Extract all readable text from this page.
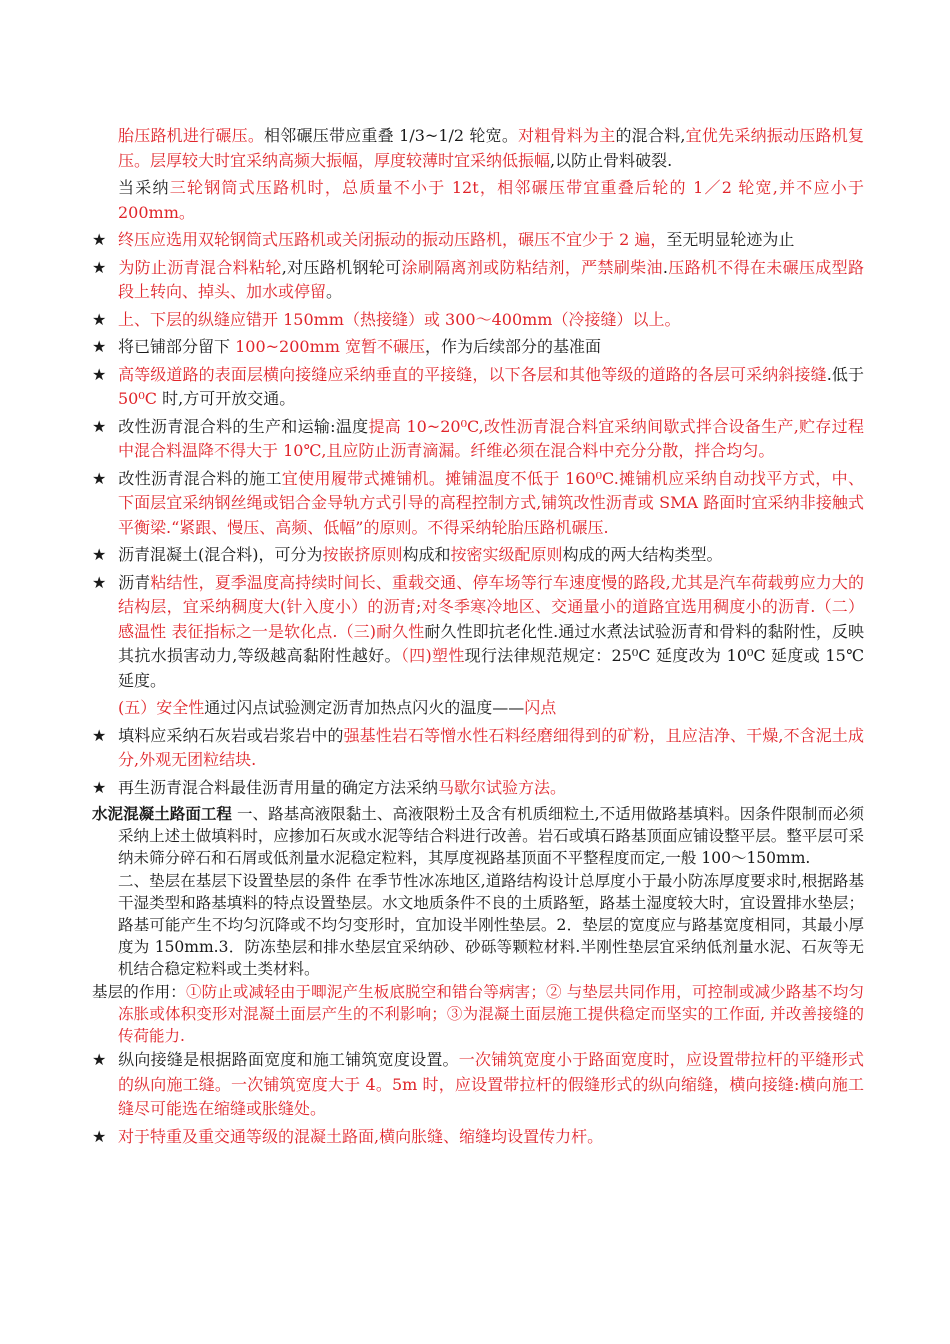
胎压路机进行碾压。相邻碾压带应重叠 1/3~1/2 轮宽。对粗骨料为主的混合料,宜优先采纳振动压路机复压。层厚较大时宜采纳高频大振幅，厚度较薄时宜采纳低振幅,以防止骨料破裂.

当采纳三轮钢筒式压路机时，总质量不小于 12t，相邻碾压带宜重叠后轮的 1／2 轮宽,并不应小于 200mm。

★ 终压应选用双轮钢筒式压路机或关闭振动的振动压路机，碾压不宜少于 2 遍，至无明显轮迹为止

★ 为防止沥青混合料粘轮,对压路机钢轮可涂刷隔离剂或防粘结剂，严禁刷柴油.压路机不得在未碾压成型路段上转向、掉头、加水或停留。

★ 上、下层的纵缝应错开 150mm（热接缝）或 300～400mm（冷接缝）以上。

★ 将已铺部分留下 100~200mm 宽暂不碾压，作为后续部分的基准面

★ 高等级道路的表面层横向接缝应采纳垂直的平接缝，以下各层和其他等级的道路的各层可采纳斜接缝.低于 50⁰C 时,方可开放交通。

★ 改性沥青混合料的生产和运输:温度提高 10~20⁰C,改性沥青混合料宜采纳间歇式拌合设备生产,贮存过程中混合料温降不得大于 10℃,且应防止沥青滴漏。纤维必须在混合料中充分分散，拌合均匀。

★ 改性沥青混合料的施工宜使用履带式摊铺机。摊铺温度不低于 160⁰C.摊铺机应采纳自动找平方式，中、下面层宜采纳钢丝绳或铝合金导轨方式引导的高程控制方式,铺筑改性沥青或 SMA 路面时宜采纳非接触式平衡梁.“紧跟、慢压、高频、低幅”的原则。不得采纳轮胎压路机碾压.

★ 沥青混凝土(混合料)，可分为按嵌挤原则构成和按密实级配原则构成的两大结构类型。

★ 沥青粘结性，夏季温度高持续时间长、重载交通、停车场等行车速度慢的路段,尤其是汽车荷载剪应力大的结构层，宜采纳稠度大(针入度小）的沥青;对冬季寒冷地区、交通量小的道路宜选用稠度小的沥青.（二）感温性 表征指标之一是软化点.（三)耐久性耐久性即抗老化性.通过水煮法试验沥青和骨料的黏附性，反映其抗水损害动力,等级越高黏附性越好。（四)塑性现行法律规范规定：25⁰C 延度改为 10⁰C 延度或 15℃延度。

(五）安全性通过闪点试验测定沥青加热点闪火的温度——闪点

★ 填料应采纳石灰岩或岩浆岩中的强基性岩石等憎水性石料经磨细得到的矿粉，且应洁净、干燥,不含泥土成分,外观无团粒结块.

★ 再生沥青混合料最佳沥青用量的确定方法采纳马歇尔试验方法。

水泥混凝土路面工程 一、路基高液限黏土、高液限粉土及含有机质细粒土,不适用做路基填料。因条件限制而必须采纳上述土做填料时，应掺加石灰或水泥等结合料进行改善。岩石或填石路基顶面应铺设整平层。整平层可采纳未筛分碎石和石屑或低剂量水泥稳定粒料，其厚度视路基顶面不平整程度而定,一般 100～150mm.

二、垫层在基层下设置垫层的条件 在季节性冰冻地区,道路结构设计总厚度小于最小防冻厚度要求时,根据路基干湿类型和路基填料的特点设置垫层。水文地质条件不良的土质路堑，路基土湿度较大时，宜设置排水垫层；路基可能产生不均匀沉降或不均匀变形时，宜加设半刚性垫层。2．垫层的宽度应与路基宽度相同，其最小厚度为 150mm.3．防冻垫层和排水垫层宜采纳砂、砂砾等颗粒材料.半刚性垫层宜采纳低剂量水泥、石灰等无机结合稳定粒料或土类材料。

基层的作用：①防止或减轻由于唧泥产生板底脱空和错台等病害；② 与垫层共同作用，可控制或减少路基不均匀冻胀或体积变形对混凝土面层产生的不利影响；③为混凝土面层施工提供稳定而坚实的工作面, 并改善接缝的传荷能力.

★ 纵向接缝是根据路面宽度和施工铺筑宽度设置。一次铺筑宽度小于路面宽度时，应设置带拉杆的平缝形式的纵向施工缝。一次铺筑宽度大于 4。5m 时，应设置带拉杆的假缝形式的纵向缩缝，横向接缝:横向施工缝尽可能选在缩缝或胀缝处。

★ 对于特重及重交通等级的混凝土路面,横向胀缝、缩缝均设置传力杆。
